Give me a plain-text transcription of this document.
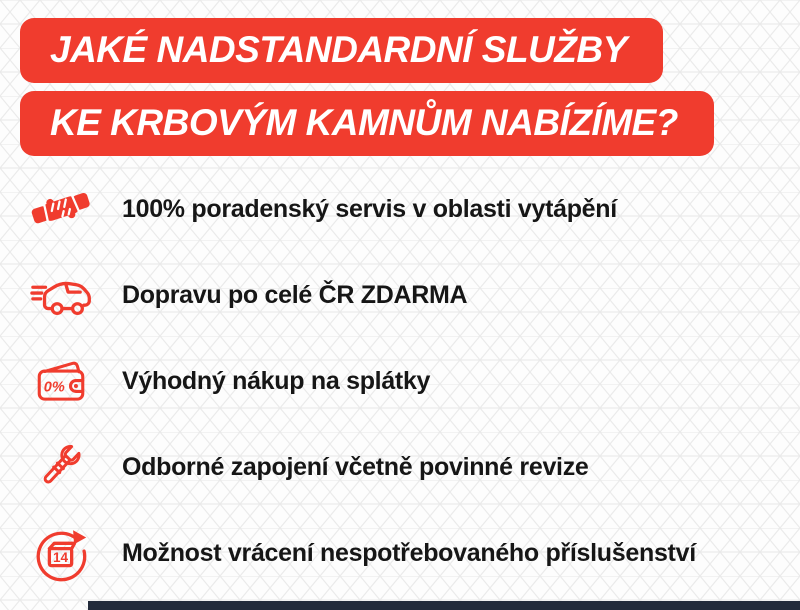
JAKÉ NADSTANDARDNÍ SLUŽBY
KE KRBOVÝM KAMNŮM NABÍZÍME?
100% poradenský servis v oblasti vytápění
Dopravu po celé ČR ZDARMA
0% Výhodný nákup na splátky
Odborné zapojení včetně povinné revize
14 Možnost vrácení nespotřebovaného příslušenství
